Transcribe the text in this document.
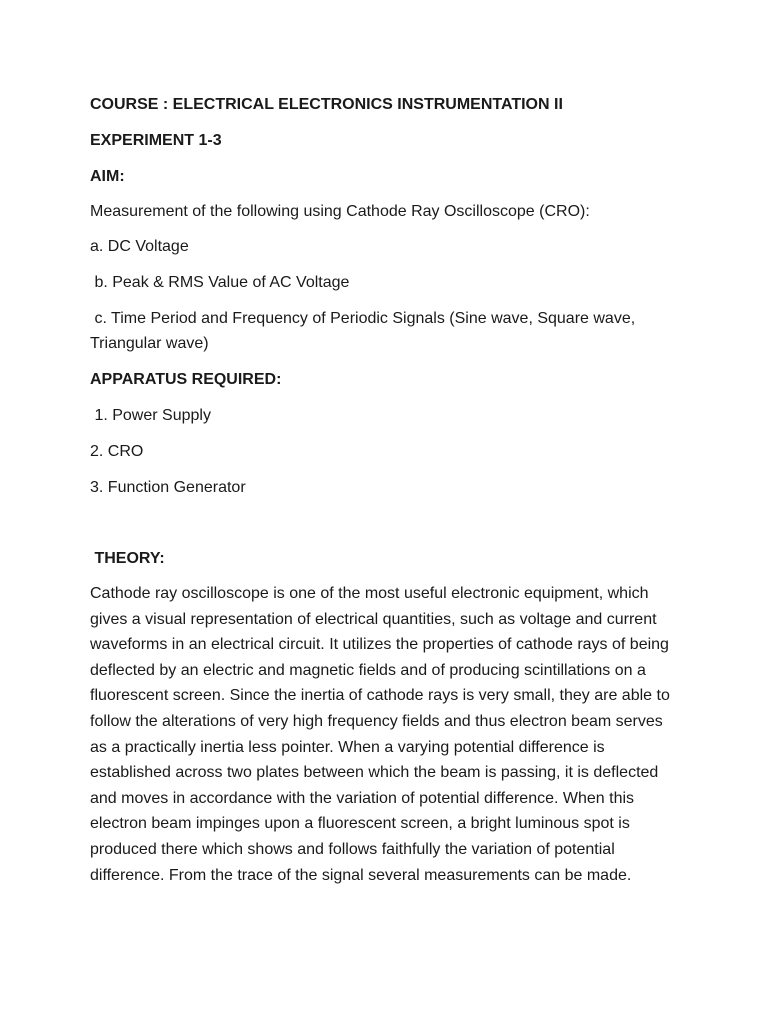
COURSE : ELECTRICAL ELECTRONICS INSTRUMENTATION II

EXPERIMENT 1-3

AIM:

Measurement of the following using Cathode Ray Oscilloscope (CRO):

a. DC Voltage

b. Peak & RMS Value of AC Voltage

c. Time Period and Frequency of Periodic Signals (Sine wave, Square wave,

Triangular wave)

APPARATUS REQUIRED:

1. Power Supply

2. CRO

3. Function Generator

THEORY:

Cathode ray oscilloscope is one of the most useful electronic equipment, which
gives a visual representation of electrical quantities, such as voltage and current
waveforms in an electrical circuit. It utilizes the properties of cathode rays of being
deflected by an electric and magnetic fields and of producing scintillations on a
fluorescent screen. Since the inertia of cathode rays is very small, they are able to
follow the alterations of very high frequency fields and thus electron beam serves
as a practically inertia less pointer. When a varying potential difference is
established across two plates between which the beam is passing, it is deflected
and moves in accordance with the variation of potential difference. When this
electron beam impinges upon a fluorescent screen, a bright luminous spot is
produced there which shows and follows faithfully the variation of potential
difference. From the trace of the signal several measurements can be made.
